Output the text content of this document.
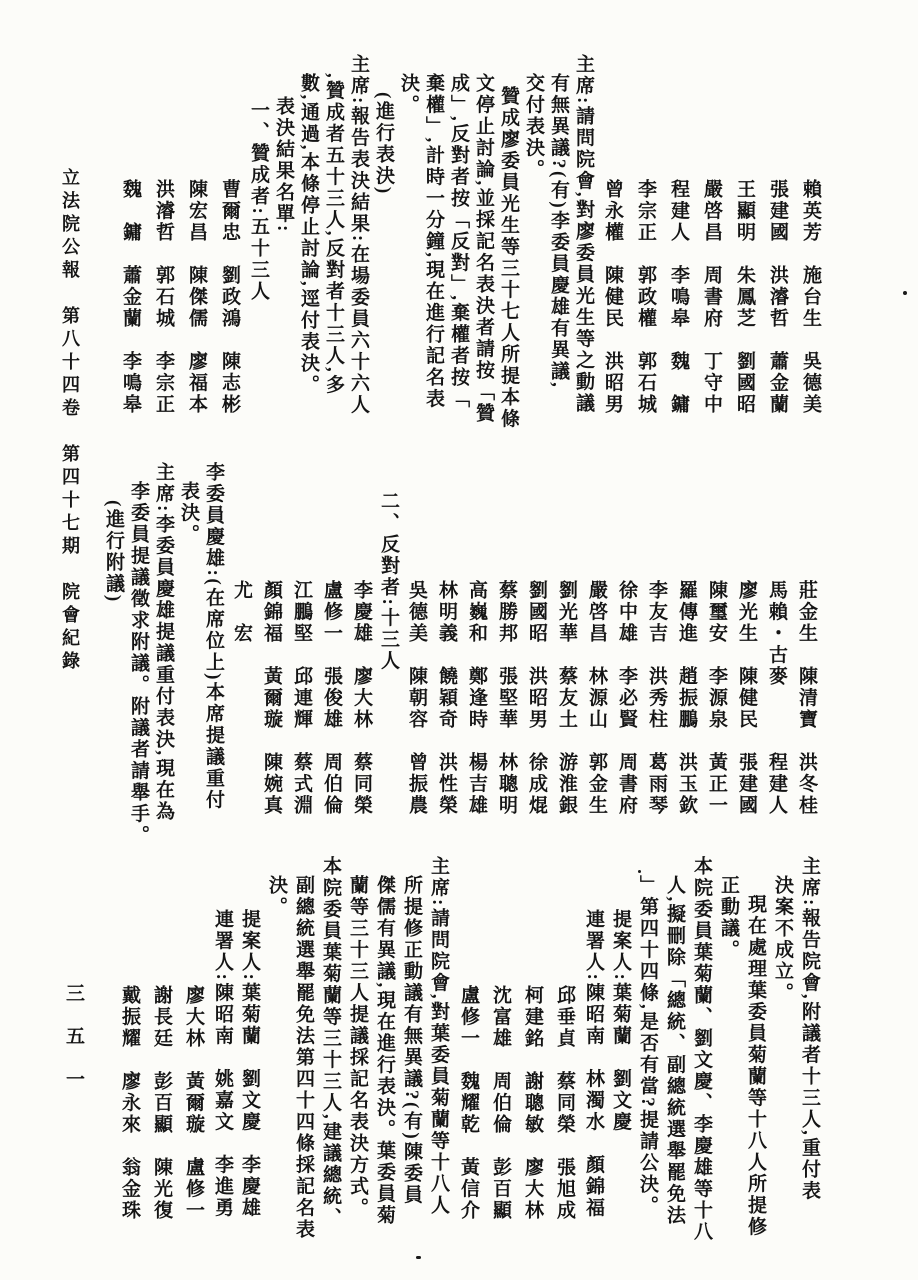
立法院公報　第八十四卷　第四十七期　院會紀錄
三五一
賴英芳　施台生　吳德美
張建國　洪濬哲　蕭金蘭
王顯明　朱鳳芝　劉國昭
嚴啓昌　周書府　丁守中
程建人　李鳴皋　魏　鏞
李宗正　郭政權　郭石城
曾永權　陳健民　洪昭男
主席:請問院會,對廖委員光生等之動議
有無異議?(有)李委員慶雄有異議,
交付表決。
贊成廖委員光生等三十七人所提本條
文停止討論,並採記名表決者請按「贊
成」,反對者按「反對」,棄權者按「
棄權」,計時一分鐘,現在進行記名表
決。
(進行表決)
主席:報告表決結果:在場委員六十六人
,贊成者五十三人,反對者十三人,多
數,通過,本條停止討論,逕付表決。
表決結果名單:
一、贊成者:五十三人
曹爾忠　劉政鴻　陳志彬
陳宏昌　陳傑儒　廖福本
洪濬哲　郭石城　李宗正
魏　鏞　蕭金蘭　李鳴皋
莊金生　陳清寶　洪冬桂
馬賴・古麥　　　程建人
廖光生　陳健民　張建國
陳璽安　李源泉　黃正一
羅傳進　趙振鵬　洪玉欽
李友吉　洪秀柱　葛雨琴
徐中雄　李必賢　周書府
嚴啓昌　林源山　郭金生
劉光華　蔡友土　游淮銀
劉國昭　洪昭男　徐成焜
蔡勝邦　張堅華　林聰明
高巍和　鄭逢時　楊吉雄
林明義　饒穎奇　洪性榮
吳德美　陳朝容　曾振農
二、反對者:十三人
李慶雄　廖大林　蔡同榮
盧修一　張俊雄　周伯倫
江鵬堅　邱連輝　蔡式淵
顏錦福　黃爾璇　陳婉真
尤　宏
李委員慶雄:(在席位上)本席提議重付
表決。
主席:李委員慶雄提議重付表決,現在為
李委員提議徵求附議。附議者請舉手。
(進行附議)
主席:報告院會,附議者十三人,重付表
決案不成立。
現在處理葉委員菊蘭等十八人所提修
正動議。
本院委員葉菊蘭、劉文慶、李慶雄等十八
人,擬刪除「總統、副總統選舉罷免法
」第四十四條,是否有當?提請公決。
提案人:葉菊蘭　劉文慶
連署人:陳昭南　林濁水　顏錦福
邱垂貞　蔡同榮　張旭成
柯建銘　謝聰敏　廖大林
沈富雄　周伯倫　彭百顯
盧修一　魏耀乾　黃信介
主席:請問院會,對葉委員菊蘭等十八人
所提修正動議有無異議?(有)陳委員
傑儒有異議,現在進行表決。葉委員菊
蘭等三十三人提議採記名表決方式。
本院委員葉菊蘭等三十三人,建議總統、
副總統選舉罷免法第四十四條採記名表
決。
提案人:葉菊蘭　劉文慶　李慶雄
連署人:陳昭南　姚嘉文　李進勇
廖大林　黃爾璇　盧修一
謝長廷　彭百顯　陳光復
戴振耀　廖永來　翁金珠
